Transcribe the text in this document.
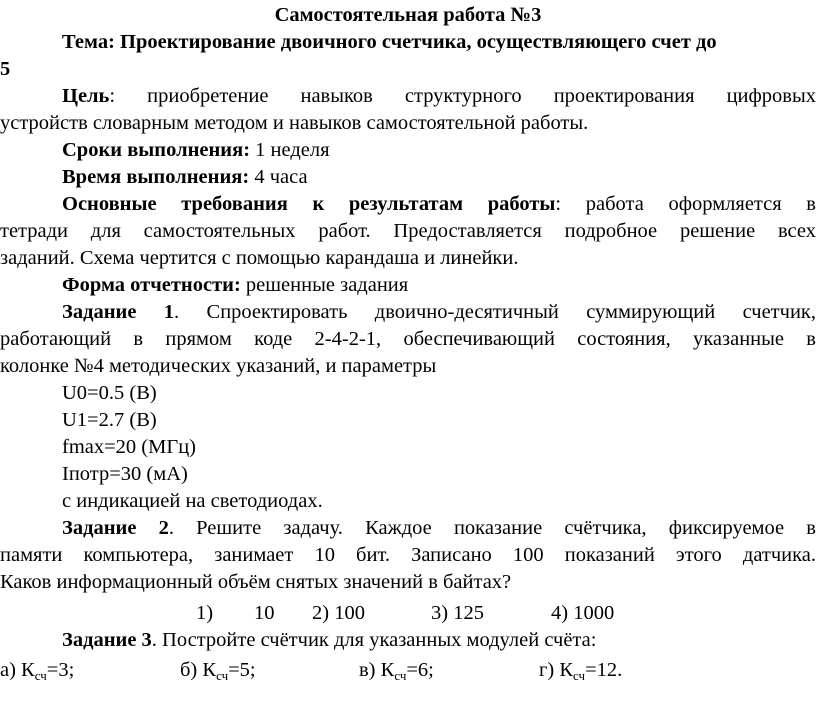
Самостоятельная работа №3
Тема: Проектирование двоичного счетчика, осуществляющего счет до
5
Цель: приобретение навыков структурного проектирования цифровых
устройств словарным методом и навыков самостоятельной работы.
Сроки выполнения: 1 неделя
Время выполнения: 4 часа
Основные требования к результатам работы: работа оформляется в
тетради для самостоятельных работ. Предоставляется подробное решение всех
заданий. Схема чертится с помощью карандаша и линейки.
Форма отчетности: решенные задания
Задание 1. Спроектировать двоично-десятичный суммирующий счетчик,
работающий в прямом коде 2-4-2-1, обеспечивающий состояния, указанные в
колонке №4 методических указаний, и параметры
U0=0.5 (В)
U1=2.7 (В)
fmax=20 (МГц)
Iпотр=30 (мА)
с индикацией на светодиодах.
Задание 2. Решите задачу. Каждое показание счётчика, фиксируемое в
памяти компьютера, занимает 10 бит. Записано 100 показаний этого датчика.
Каков информационный объём снятых значений в байтах?
1) 10 2) 100	3) 125	4) 1000
Задание 3. Постройте счётчик для указанных модулей счёта:
а) $К_{сч}=3$;	б) $К_{сч}=5$;	в) $К_{сч}=6$;	г) $К_{сч}=12$.
